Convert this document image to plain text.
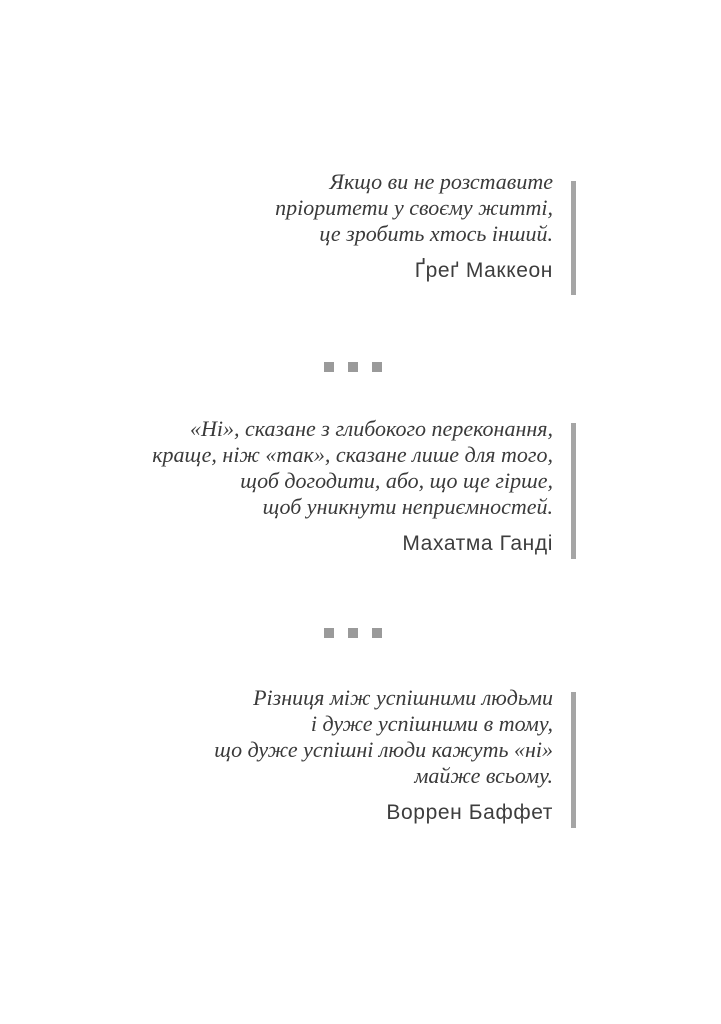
Якщо ви не розставите
пріоритети у своєму житті,
це зробить хтось інший.
Ґреґ Маккеон
«Ні», сказане з глибокого переконання,
краще, ніж «так», сказане лише для того,
щоб догодити, або, що ще гірше,
щоб уникнути неприємностей.
Махатма Ганді
Різниця між успішними людьми
і дуже успішними в тому,
що дуже успішні люди кажуть «ні»
майже всьому.
Воррен Баффет
